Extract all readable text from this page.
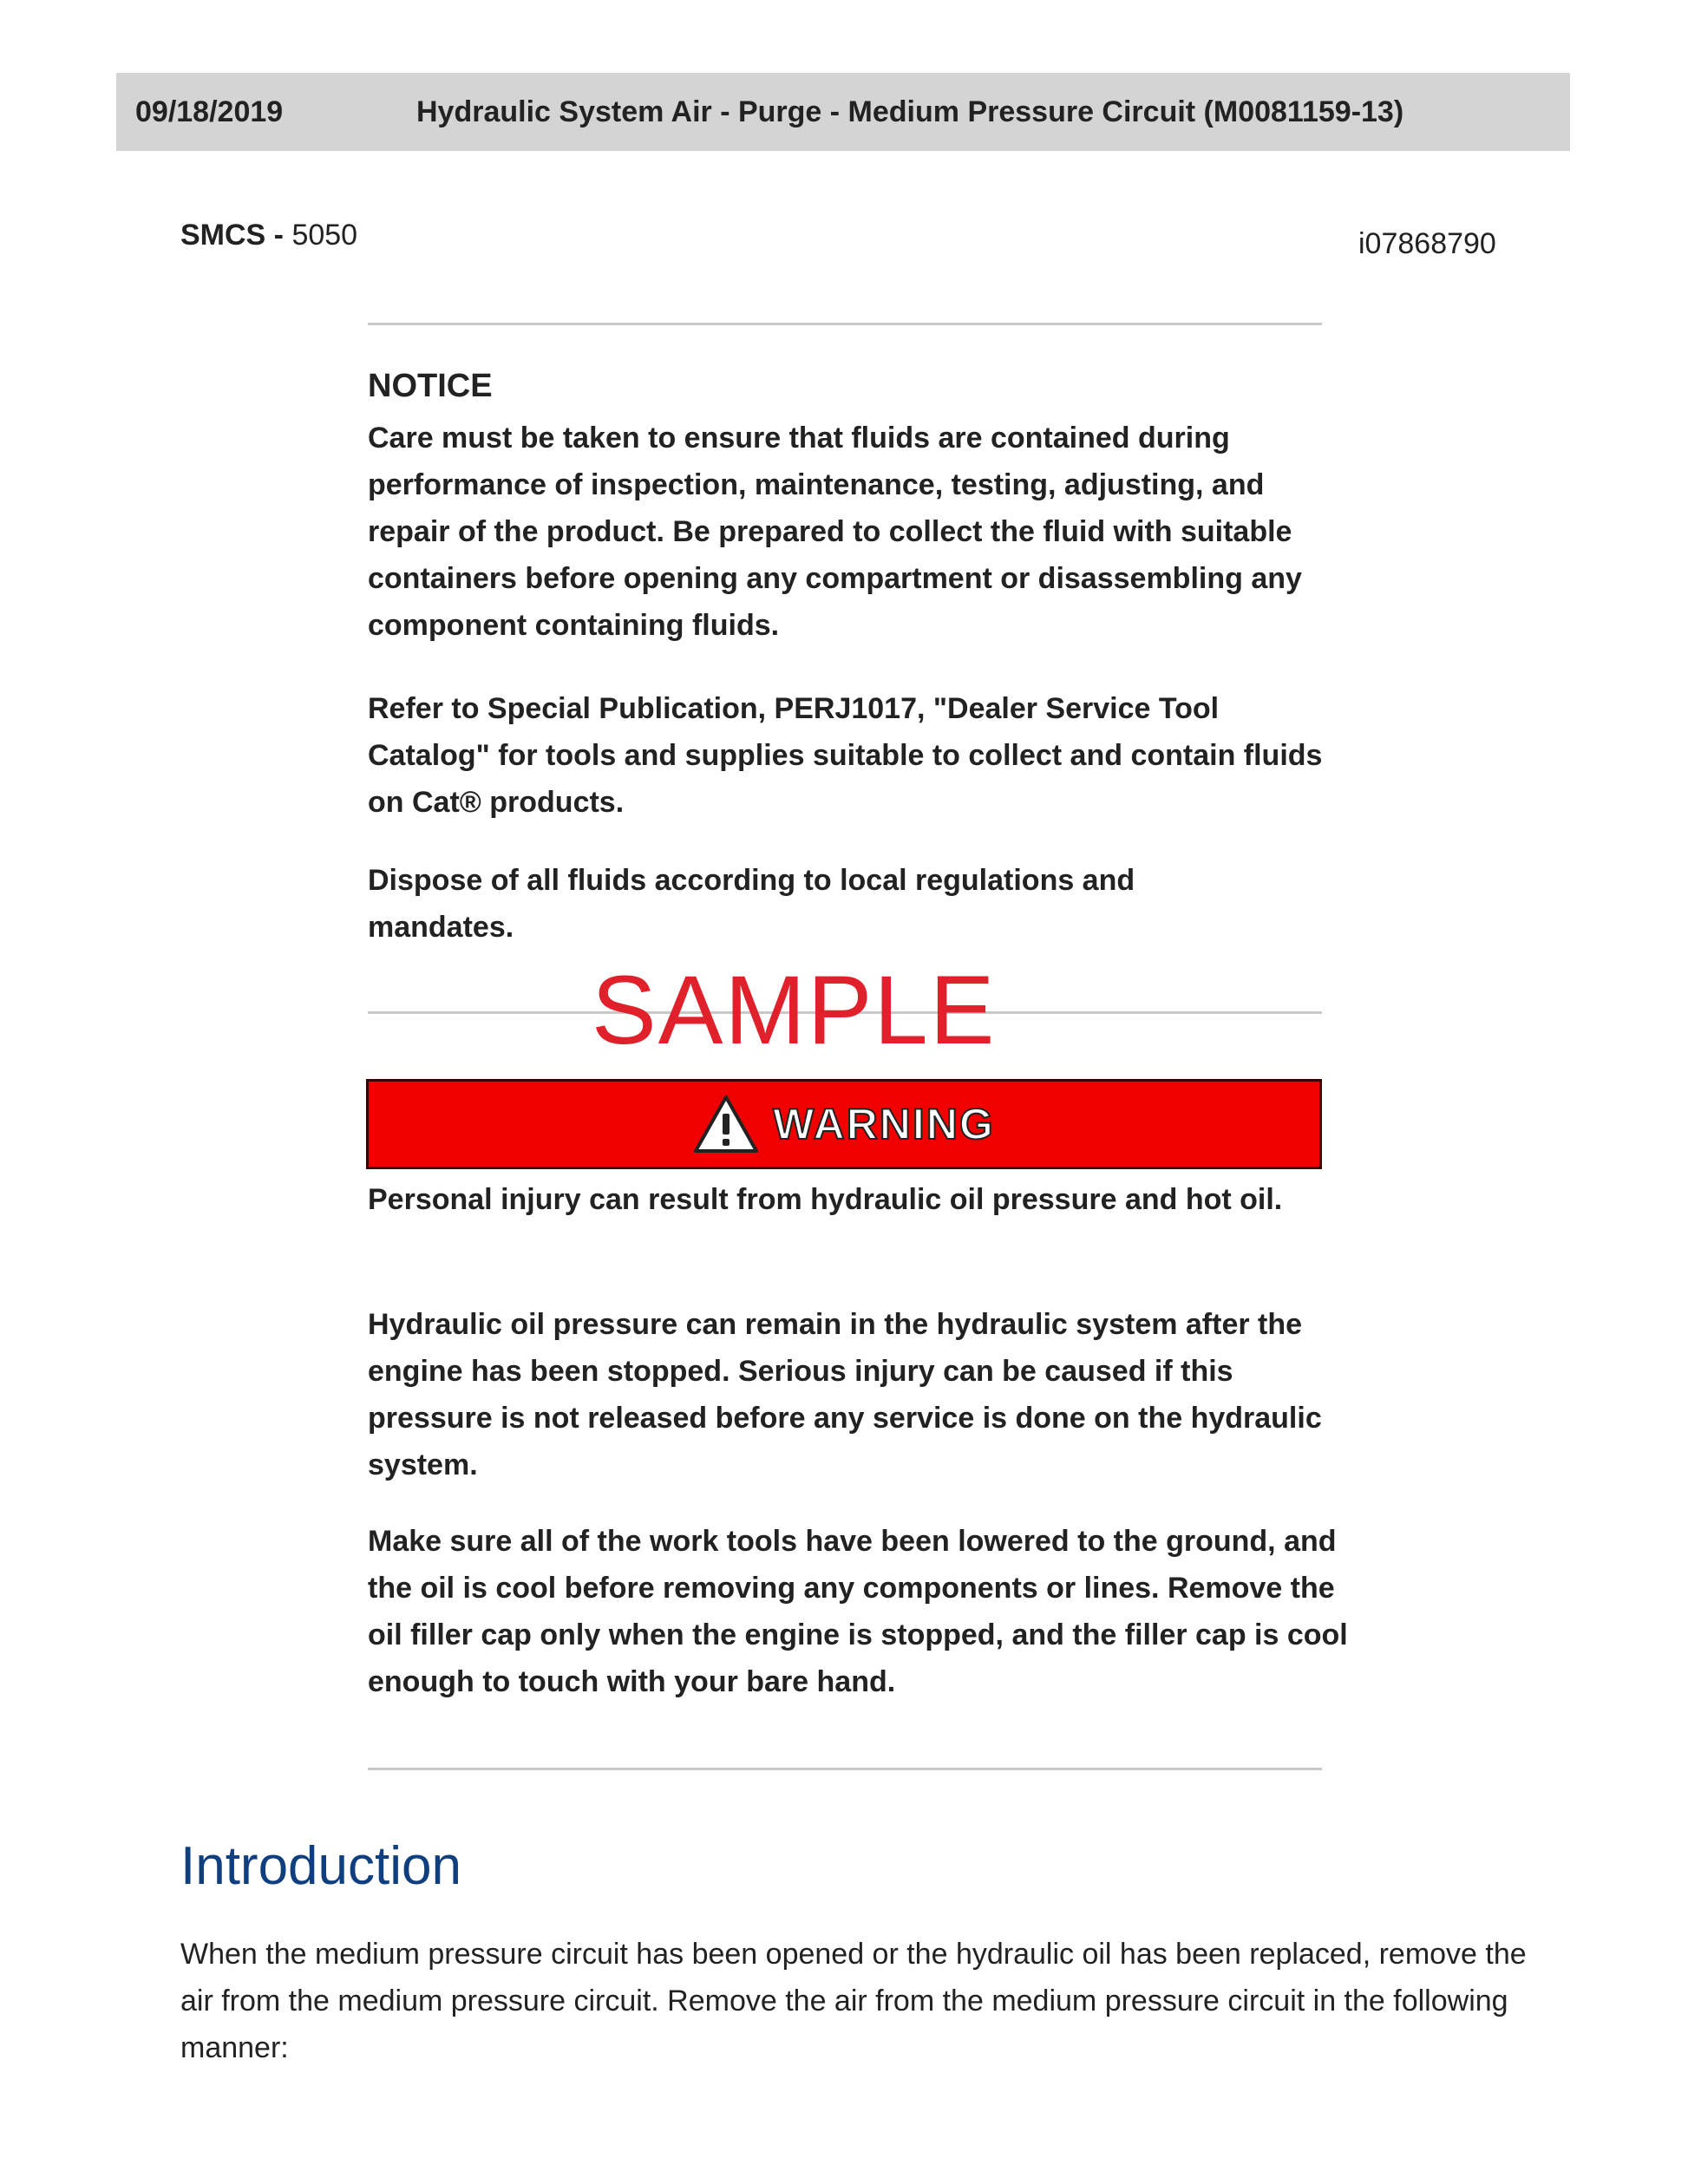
09/18/2019	Hydraulic System Air - Purge - Medium Pressure Circuit (M0081159-13)
SMCS - 5050	i07868790
NOTICE
Care must be taken to ensure that fluids are contained during performance of inspection, maintenance, testing, adjusting, and repair of the product. Be prepared to collect the fluid with suitable containers before opening any compartment or disassembling any component containing fluids.
Refer to Special Publication, PERJ1017, "Dealer Service Tool Catalog" for tools and supplies suitable to collect and contain fluids on Cat® products.
Dispose of all fluids according to local regulations and mandates.
SAMPLE
WARNING
Personal injury can result from hydraulic oil pressure and hot oil.
Hydraulic oil pressure can remain in the hydraulic system after the engine has been stopped. Serious injury can be caused if this pressure is not released before any service is done on the hydraulic system.
Make sure all of the work tools have been lowered to the ground, and the oil is cool before removing any components or lines. Remove the oil filler cap only when the engine is stopped, and the filler cap is cool enough to touch with your bare hand.
Introduction
When the medium pressure circuit has been opened or the hydraulic oil has been replaced, remove the air from the medium pressure circuit. Remove the air from the medium pressure circuit in the following manner:
